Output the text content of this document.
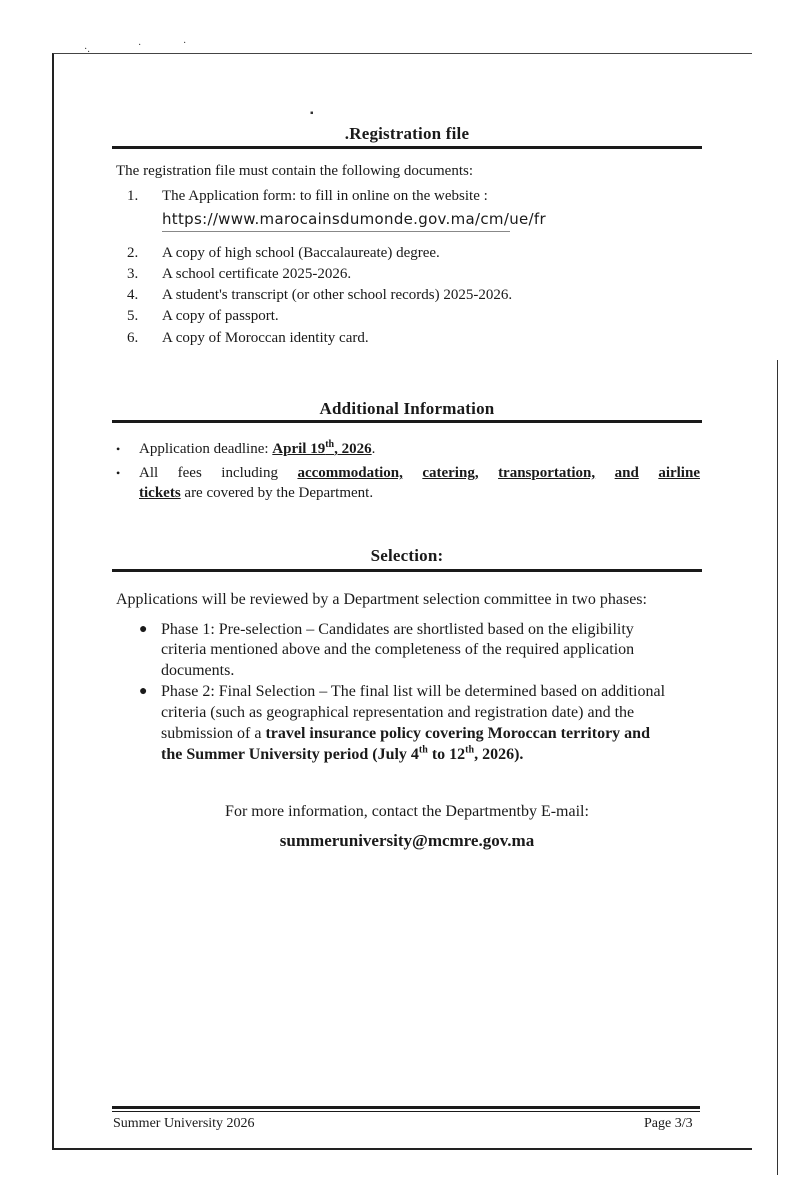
·.	·	·
▪
.Registration file
The registration file must contain the following documents:
1. The Application form: to fill in online on the website :
https://www.marocainsdumonde.gov.ma/cm/ue/fr
2. A copy of high school (Baccalaureate) degree.
3. A school certificate 2025-2026.
4. A student's transcript (or other school records) 2025-2026.
5. A copy of passport.
6. A copy of Moroccan identity card.
Additional Information
• Application deadline: April 19th, 2026.
• All fees including accommodation, catering, transportation, and airline
tickets are covered by the Department.
Selection:
Applications will be reviewed by a Department selection committee in two phases:
● Phase 1: Pre-selection – Candidates are shortlisted based on the eligibility
criteria mentioned above and the completeness of the required application
documents.
● Phase 2: Final Selection – The final list will be determined based on additional
criteria (such as geographical representation and registration date) and the
submission of a travel insurance policy covering Moroccan territory and
the Summer University period (July 4th to 12th, 2026).
For more information, contact the Departmentby E-mail:
summeruniversity@mcmre.gov.ma
Summer University 2026	Page 3/3
